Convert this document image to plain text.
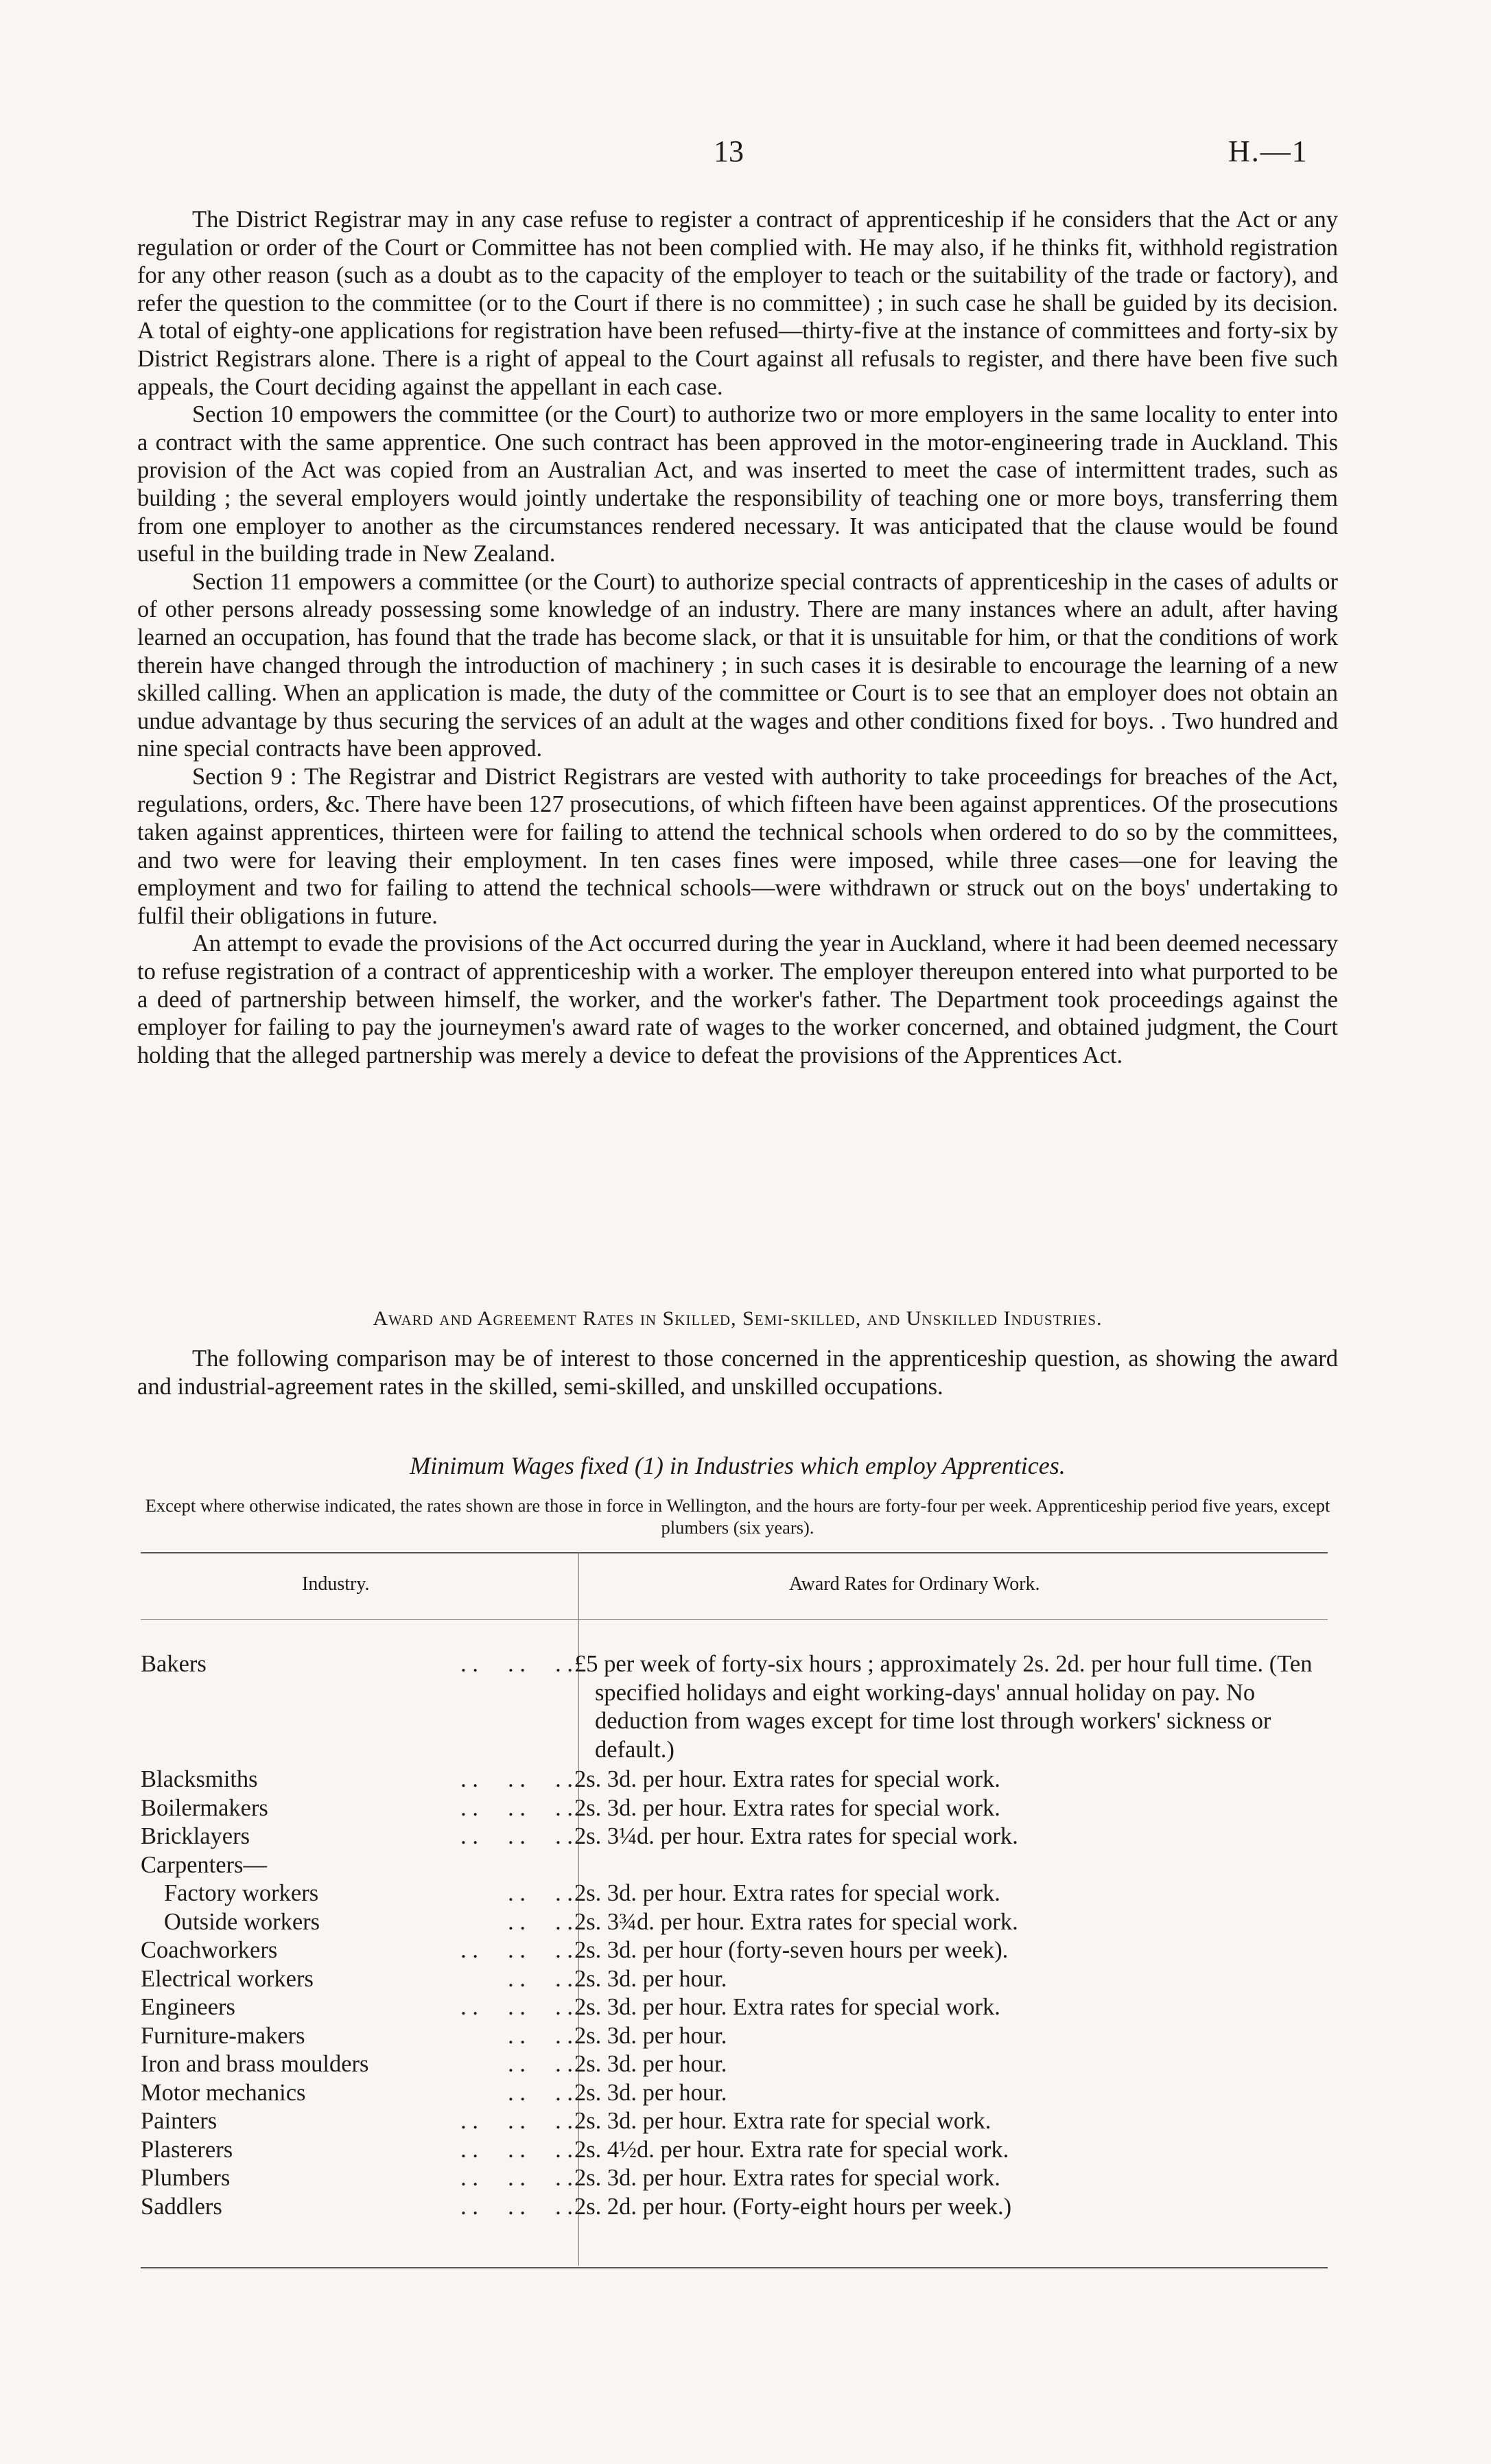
13	H.—1

The District Registrar may in any case refuse to register a contract of apprenticeship if he considers that the Act or any regulation or order of the Court or Committee has not been complied with. He may also, if he thinks fit, withhold registration for any other reason (such as a doubt as to the capacity of the employer to teach or the suitability of the trade or factory), and refer the question to the committee (or to the Court if there is no committee) ; in such case he shall be guided by its decision. A total of eighty-one applications for registration have been refused—thirty-five at the instance of committees and forty-six by District Registrars alone. There is a right of appeal to the Court against all refusals to register, and there have been five such appeals, the Court deciding against the appellant in each case.

Section 10 empowers the committee (or the Court) to authorize two or more employers in the same locality to enter into a contract with the same apprentice. One such contract has been approved in the motor-engineering trade in Auckland. This provision of the Act was copied from an Australian Act, and was inserted to meet the case of intermittent trades, such as building ; the several employers would jointly undertake the responsibility of teaching one or more boys, transferring them from one employer to another as the circumstances rendered necessary. It was anticipated that the clause would be found useful in the building trade in New Zealand.

Section 11 empowers a committee (or the Court) to authorize special contracts of apprenticeship in the cases of adults or of other persons already possessing some knowledge of an industry. There are many instances where an adult, after having learned an occupation, has found that the trade has become slack, or that it is unsuitable for him, or that the conditions of work therein have changed through the introduction of machinery ; in such cases it is desirable to encourage the learning of a new skilled calling. When an application is made, the duty of the committee or Court is to see that an employer does not obtain an undue advantage by thus securing the services of an adult at the wages and other conditions fixed for boys. . Two hundred and nine special contracts have been approved.

Section 9 : The Registrar and District Registrars are vested with authority to take proceedings for breaches of the Act, regulations, orders, &c. There have been 127 prosecutions, of which fifteen have been against apprentices. Of the prosecutions taken against apprentices, thirteen were for failing to attend the technical schools when ordered to do so by the committees, and two were for leaving their employment. In ten cases fines were imposed, while three cases—one for leaving the employment and two for failing to attend the technical schools—were withdrawn or struck out on the boys' undertaking to fulfil their obligations in future.

An attempt to evade the provisions of the Act occurred during the year in Auckland, where it had been deemed necessary to refuse registration of a contract of apprenticeship with a worker. The employer thereupon entered into what purported to be a deed of partnership between himself, the worker, and the worker's father. The Department took proceedings against the employer for failing to pay the journeymen's award rate of wages to the worker concerned, and obtained judgment, the Court holding that the alleged partnership was merely a device to defeat the provisions of the Apprentices Act.

Award and Agreement Rates in Skilled, Semi-skilled, and Unskilled Industries.
The following comparison may be of interest to those concerned in the apprenticeship question, as showing the award and industrial-agreement rates in the skilled, semi-skilled, and unskilled occupations.
Minimum Wages fixed (1) in Industries which employ Apprentices.
Except where otherwise indicated, the rates shown are those in force in Wellington, and the hours are forty-four per week. Apprenticeship period five years, except plumbers (six years).
Industry.	Award Rates for Ordinary Work.
Bakers	£5 per week of forty-six hours ; approximately 2s. 2d. per hour full time. (Ten specified holidays and eight working-days' annual holiday on pay. No deduction from wages except for time lost through workers' sickness or default.)
. .     . .     . .
Blacksmiths	2s. 3d. per hour. Extra rates for special work.
. .     . .     . .
Boilermakers	2s. 3d. per hour. Extra rates for special work.
. .     . .     . .
Bricklayers	2s. 3¼d. per hour. Extra rates for special work.
. .     . .     . .
Carpenters—
Factory workers	2s. 3d. per hour. Extra rates for special work.
. .     . .
Outside workers	2s. 3¾d. per hour. Extra rates for special work.
. .     . .
Coachworkers	2s. 3d. per hour (forty-seven hours per week).
. .     . .     . .
Electrical workers	2s. 3d. per hour.
. .     . .
Engineers	2s. 3d. per hour. Extra rates for special work.
. .     . .     . .
Furniture-makers	2s. 3d. per hour.
. .     . .
Iron and brass moulders	2s. 3d. per hour.
. .     . .
Motor mechanics	2s. 3d. per hour.
. .     . .
Painters	2s. 3d. per hour. Extra rate for special work.
. .     . .     . .
Plasterers	2s. 4½d. per hour. Extra rate for special work.
. .     . .     . .
Plumbers	2s. 3d. per hour. Extra rates for special work.
. .     . .     . .
Saddlers	2s. 2d. per hour. (Forty-eight hours per week.)
. .     . .     . .
